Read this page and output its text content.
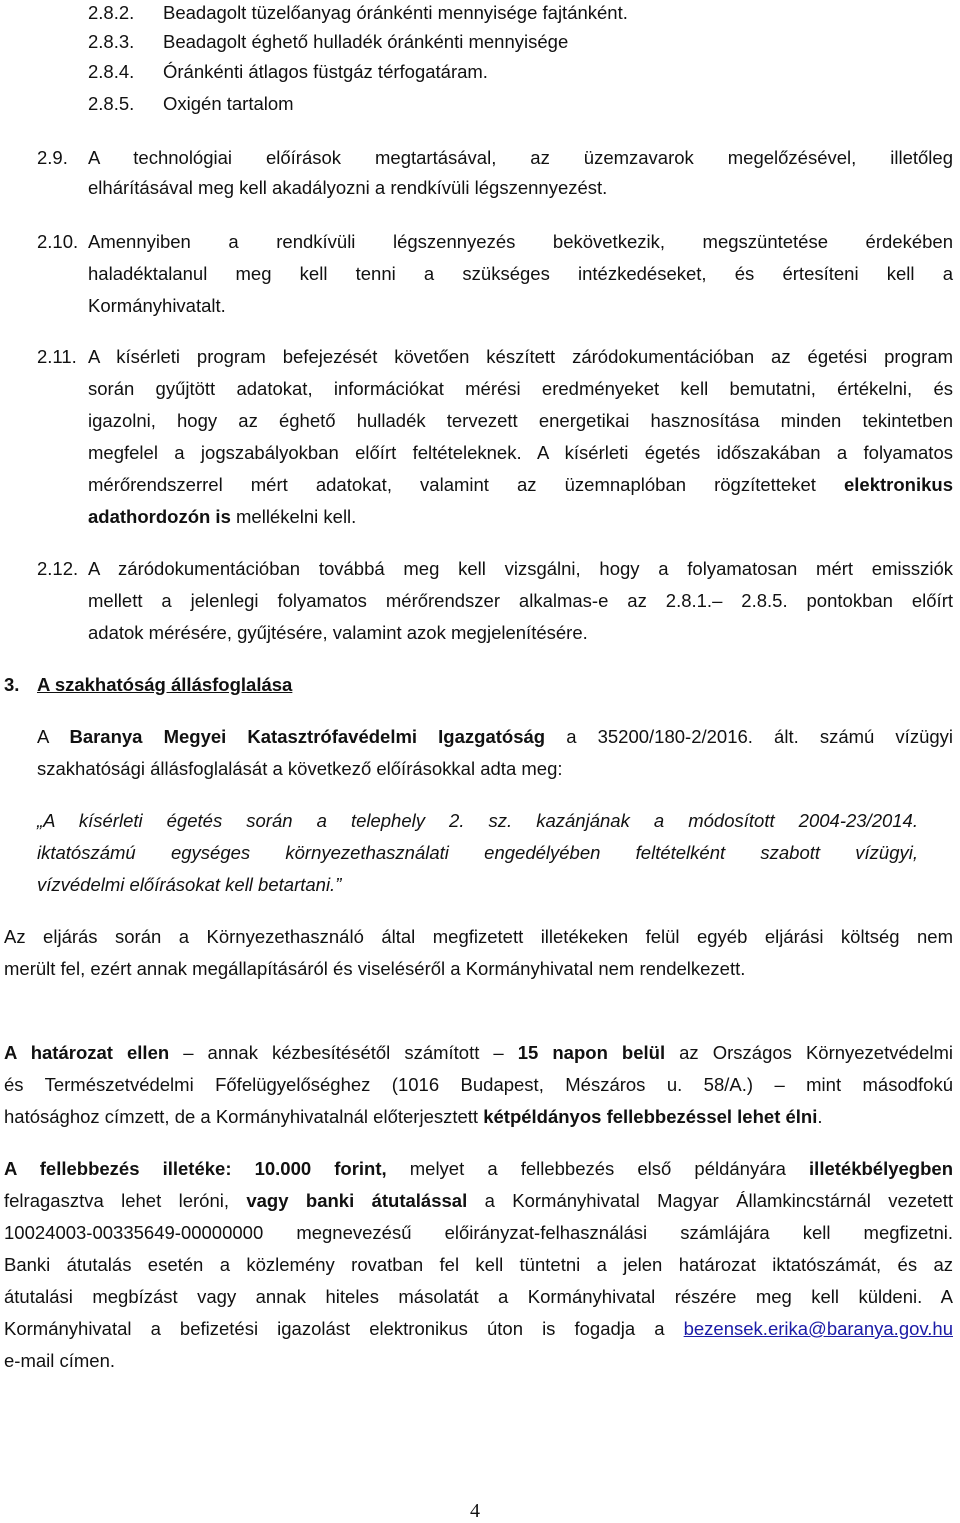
2.8.2. Beadagolt tüzelőanyag óránkénti mennyisége fajtánként.
2.8.3. Beadagolt éghető hulladék óránkénti mennyisége
2.8.4. Óránkénti átlagos füstgáz térfogatáram.
2.8.5. Oxigén tartalom
2.9. A technológiai előírások megtartásával, az üzemzavarok megelőzésével, illetőleg
elhárításával meg kell akadályozni a rendkívüli légszennyezést.
2.10. Amennyiben a rendkívüli légszennyezés bekövetkezik, megszüntetése érdekében
haladéktalanul meg kell tenni a szükséges intézkedéseket, és értesíteni kell a
Kormányhivatalt.
2.11. A kísérleti program befejezését követően készített záródokumentációban az égetési program
során gyűjtött adatokat, információkat mérési eredményeket kell bemutatni, értékelni, és
igazolni, hogy az éghető hulladék tervezett energetikai hasznosítása minden tekintetben
megfelel a jogszabályokban előírt feltételeknek. A kísérleti égetés időszakában a folyamatos
mérőrendszerrel mért adatokat, valamint az üzemnaplóban rögzítetteket elektronikus
adathordozón is mellékelni kell.
2.12. A záródokumentációban továbbá meg kell vizsgálni, hogy a folyamatosan mért emissziók
mellett a jelenlegi folyamatos mérőrendszer alkalmas-e az 2.8.1.– 2.8.5. pontokban előírt
adatok mérésére, gyűjtésére, valamint azok megjelenítésére.
3. A szakhatóság állásfoglalása
A Baranya Megyei Katasztrófavédelmi Igazgatóság a 35200/180-2/2016. ált. számú vízügyi
szakhatósági állásfoglalását a következő előírásokkal adta meg:
„A kísérleti égetés során a telephely 2. sz. kazánjának a módosított 2004-23/2014.
iktatószámú egységes környezethasználati engedélyében feltételként szabott vízügyi,
vízvédelmi előírásokat kell betartani.”
Az eljárás során a Környezethasználó által megfizetett illetékeken felül egyéb eljárási költség nem
merült fel, ezért annak megállapításáról és viseléséről a Kormányhivatal nem rendelkezett.
A határozat ellen – annak kézbesítésétől számított – 15 napon belül az Országos Környezetvédelmi
és Természetvédelmi Főfelügyelőséghez (1016 Budapest, Mészáros u. 58/A.) – mint másodfokú
hatósághoz címzett, de a Kormányhivatalnál előterjesztett kétpéldányos fellebbezéssel lehet élni.
A fellebbezés illetéke: 10.000 forint, melyet a fellebbezés első példányára illetékbélyegben
felragasztva lehet leróni, vagy banki átutalással a Kormányhivatal Magyar Államkincstárnál vezetett
10024003-00335649-00000000 megnevezésű előirányzat-felhasználási számlájára kell megfizetni.
Banki átutalás esetén a közlemény rovatban fel kell tüntetni a jelen határozat iktatószámát, és az
átutalási megbízást vagy annak hiteles másolatát a Kormányhivatal részére meg kell küldeni. A
Kormányhivatal a befizetési igazolást elektronikus úton is fogadja a bezensek.erika@baranya.gov.hu
e-mail címen.
4
